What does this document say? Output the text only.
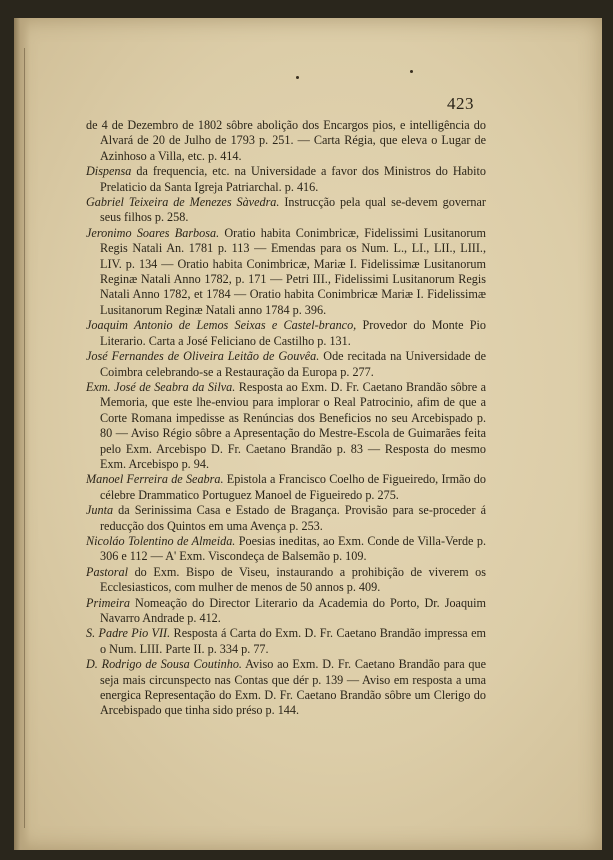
423

de 4 de Dezembro de 1802 sôbre abolição dos Encargos pios, e intelligência do Alvará de 20 de Julho de 1793 p. 251. — Carta Régia, que eleva o Lugar de Azinhoso a Villa, etc. p. 414.

Dispensa da frequencia, etc. na Universidade a favor dos Ministros do Habito Prelaticio da Santa Igreja Patriarchal. p. 416.

Gabriel Teixeira de Menezes Sàvedra. Instrucção pela qual se-devem governar seus filhos p. 258.

Jeronimo Soares Barbosa. Oratio habita Conimbricæ, Fidelissimi Lusitanorum Regis Natali An. 1781 p. 113 — Emendas para os Num. L., LI., LII., LIII., LIV. p. 134 — Oratio habita Conimbricæ, Mariæ I. Fidelissimæ Lusitanorum Reginæ Natali Anno 1782, p. 171 — Petri III., Fidelissimi Lusitanorum Regis Natali Anno 1782, et 1784 — Oratio habita Conimbricæ Mariæ I. Fidelissimæ Lusitanorum Reginæ Natali anno 1784 p. 396.

Joaquim Antonio de Lemos Seixas e Castel-branco, Provedor do Monte Pio Literario. Carta a José Feliciano de Castilho p. 131.

José Fernandes de Oliveira Leitão de Gouvêa. Ode recitada na Universidade de Coimbra celebrando-se a Restauração da Europa p. 277.

Exm. José de Seabra da Silva. Resposta ao Exm. D. Fr. Caetano Brandão sôbre a Memoria, que este lhe-enviou para implorar o Real Patrocinio, afim de que a Corte Romana impedisse as Renúncias dos Beneficios no seu Arcebispado p. 80 — Aviso Régio sôbre a Apresentação do Mestre-Escola de Guimarães feita pelo Exm. Arcebispo D. Fr. Caetano Brandão p. 83 — Resposta do mesmo Exm. Arcebispo p. 94.

Manoel Ferreira de Seabra. Epistola a Francisco Coelho de Figueiredo, Irmão do célebre Drammatico Portuguez Manoel de Figueiredo p. 275.

Junta da Serinissima Casa e Estado de Bragança. Provisão para se-proceder á reducção dos Quintos em uma Avença p. 253.

Nicoláo Tolentino de Almeida. Poesias ineditas, ao Exm. Conde de Villa-Verde p. 306 e 112 — A' Exm. Viscondeça de Balsemão p. 109.

Pastoral do Exm. Bispo de Viseu, instaurando a prohibição de viverem os Ecclesiasticos, com mulher de menos de 50 annos p. 409.

Primeira Nomeação do Director Literario da Academia do Porto, Dr. Joaquim Navarro Andrade p. 412.

S. Padre Pio VII. Resposta á Carta do Exm. D. Fr. Caetano Brandão impressa em o Num. LIII. Parte II. p. 334 p. 77.

D. Rodrigo de Sousa Coutinho. Aviso ao Exm. D. Fr. Caetano Brandão para que seja mais circunspecto nas Contas que dér p. 139 — Aviso em resposta a uma energica Representação do Exm. D. Fr. Caetano Brandão sôbre um Clerigo do Arcebispado que tinha sido préso p. 144.
